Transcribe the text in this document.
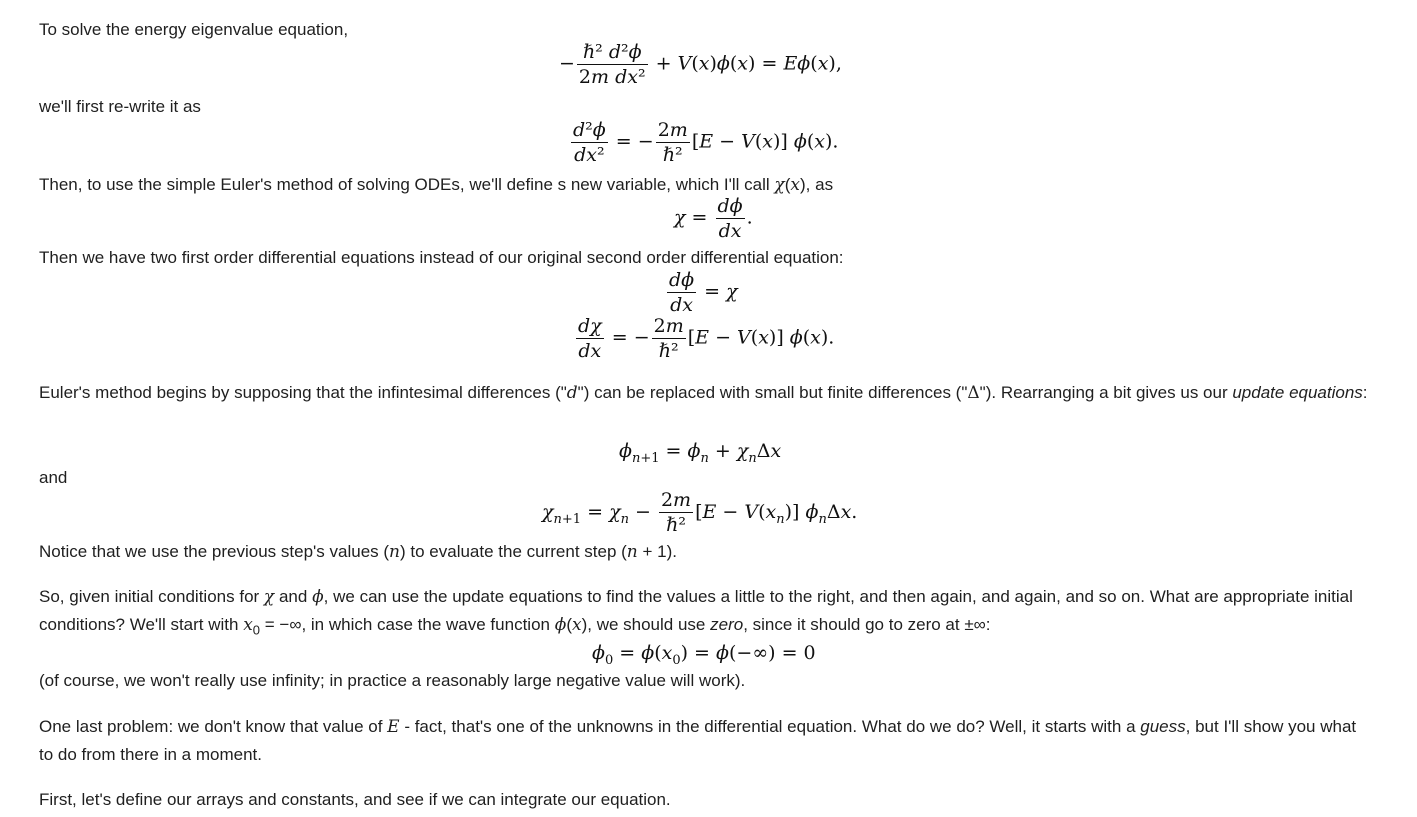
To solve the energy eigenvalue equation,
− $\frac{\text{ℏ² d²ϕ}}{\text{2m dx²}} + V(x)\phi(x) = E\phi(x)$,
we'll first re-write it as
$\frac{\text{d²ϕ}}{\text{dx²}}$ = − $\frac{2m}{\text{ℏ²}} [E - V(x)]$ ϕ(x).
Then, to use the simple Euler's method of solving ODEs, we'll define s new variable, which I'll call χ(x), as
$\chi = \frac{d\phi}{dx}$ .
Then we have two first order differential equations instead of our original second order differential equation:
$\frac{d\phi}{dx} = \chi$
$\frac{d\chi}{dx}$ = − $\frac{2m}{\text{ℏ²}} [E - V(x)]$ ϕ(x).
Euler's method begins by supposing that the infintesimal differences ("d") can be replaced with small but finite differences ("Δ"). Rearranging a bit gives us our update equations:
$\phi_{n+1} = \phi_n + \chi_n\Delta x$
and
$\chi_{n+1} = \chi_n - \frac{2m}{\text{ℏ²}} [E - V(x_n)]$ $\phi_n\Delta x$.
Notice that we use the previous step's values (n) to evaluate the current step (n + 1).
So, given initial conditions for χ and ϕ, we can use the update equations to find the values a little to the right, and then again, and again, and so on. What are appropriate initial conditions? We'll start with $x_0$ = −∞, in which case the wave function ϕ(x), we should use zero, since it should go to zero at ±∞:
$\phi_0 = \phi(x_0) = \phi(-\infty) = 0$
(of course, we won't really use infinity; in practice a reasonably large negative value will work).
One last problem: we don't know that value of E - fact, that's one of the unknowns in the differential equation. What do we do? Well, it starts with a guess, but I'll show you what to do from there in a moment.
First, let's define our arrays and constants, and see if we can integrate our equation.
